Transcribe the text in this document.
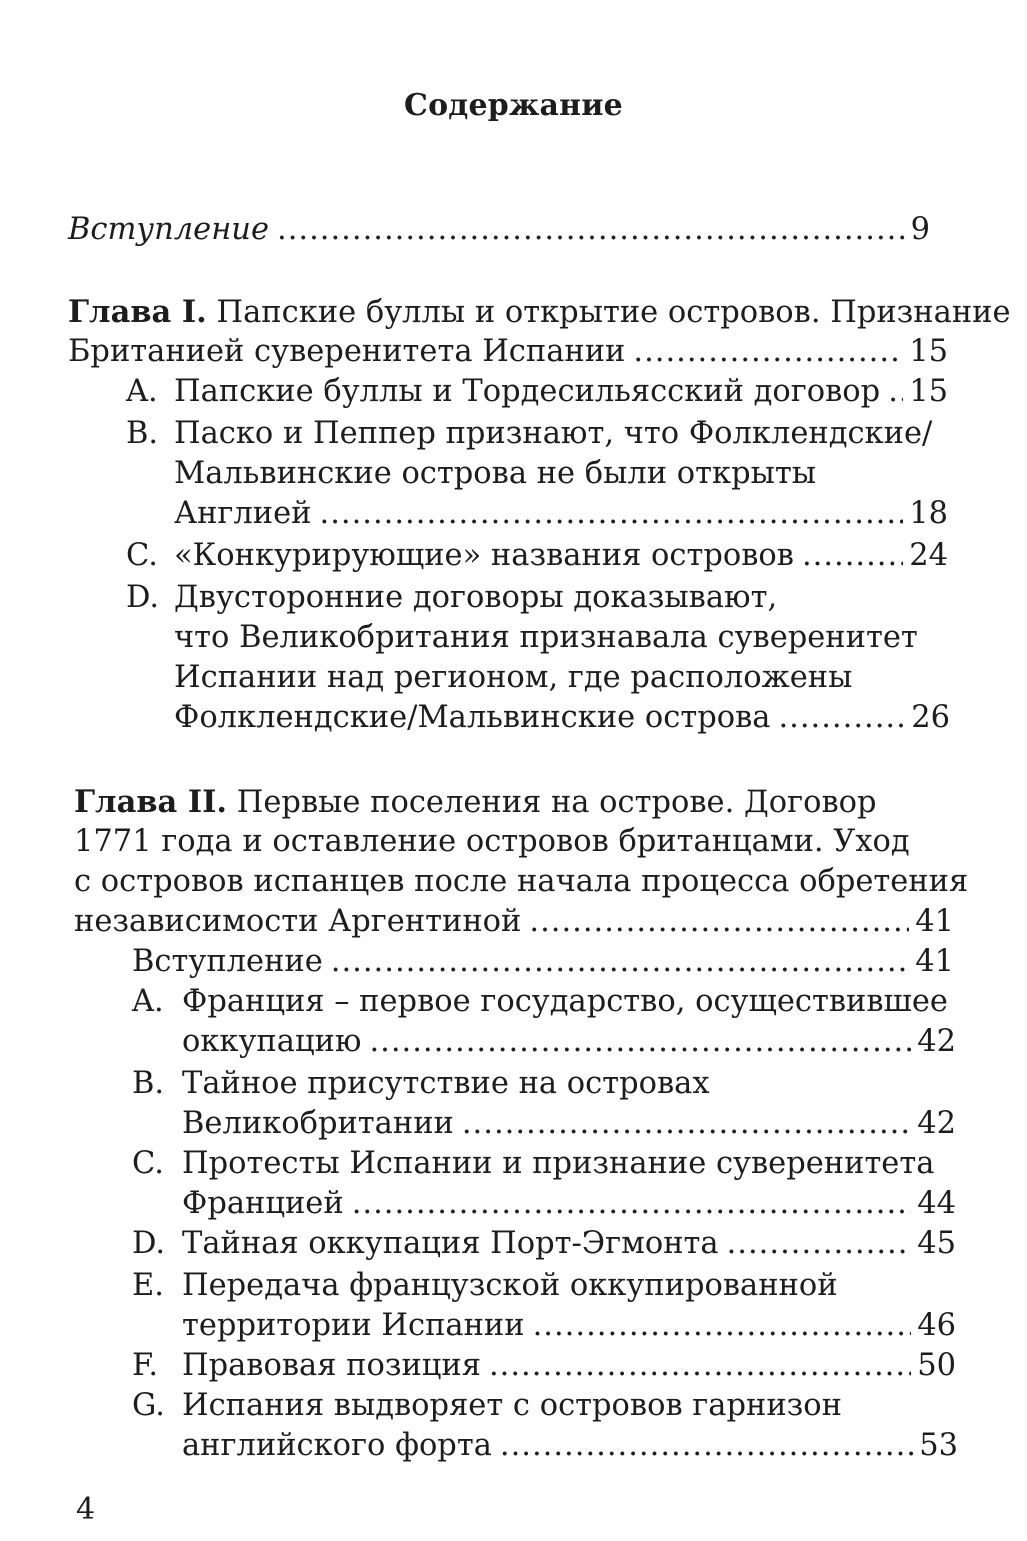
Содержание
Вступление .....	9
Глава I. Папские буллы и открытие островов. Признание
Британией суверенитета Испании .....	15
A. Папские буллы и Тордесильясский договор ..... 15
B. Паско и Пеппер признают, что Фолклендские/
Мальвинские острова не были открыты
Англией .....	18
C. «Конкурирующие» названия островов .....	24
D. Двусторонние договоры доказывают,
что Великобритания признавала суверенитет
Испании над регионом, где расположены
Фолклендские/Мальвинские острова .....	26
Глава II. Первые поселения на острове. Договор
1771 года и оставление островов британцами. Уход
с островов испанцев после начала процесса обретения
независимости Аргентиной .....	41
Вступление .....	41
A. Франция – первое государство, осуществившее
оккупацию .....	42
B. Тайное присутствие на островах
Великобритании .....	42
C. Протесты Испании и признание суверенитета
Францией .....	44
D. Тайная оккупация Порт-Эгмонта .....	45
E. Передача французской оккупированной
территории Испании .....	46
F. Правовая позиция .....	50
G. Испания выдворяет с островов гарнизон
английского форта .....	53
4
